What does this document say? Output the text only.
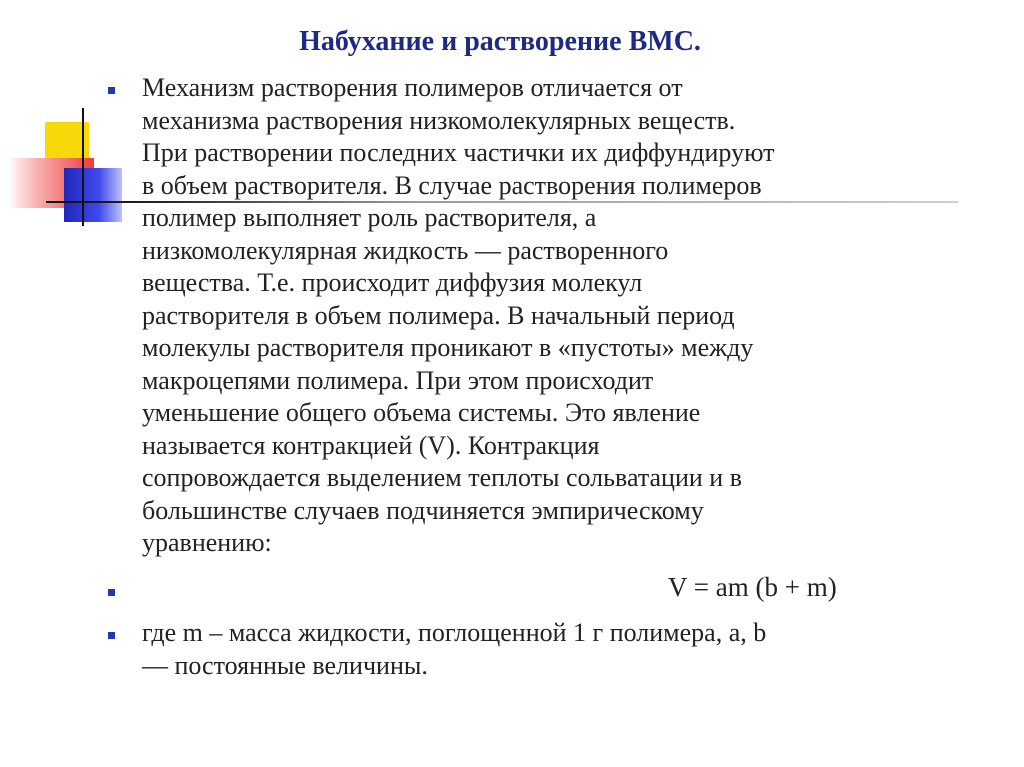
Набухание и растворение ВМС.

Механизм растворения полимеров отличается от
механизма растворения низкомолекулярных веществ.
При растворении последних частички их диффундируют
в объем растворителя. В случае растворения полимеров
полимер выполняет роль растворителя, а
низкомолекулярная жидкость — растворенного
вещества. Т.е. происходит диффузия молекул
растворителя в объем полимера. В начальный период
молекулы растворителя проникают в «пустоты» между
макроцепями полимера. При этом происходит
уменьшение общего объема системы. Это явление
называется контракцией (V). Контракция
сопровождается выделением теплоты сольватации и в
большинстве случаев подчиняется эмпирическому
уравнению:

V = am (b + m)

где m – масса жидкости, поглощенной 1 г полимера, а, b
— постоянные величины.
